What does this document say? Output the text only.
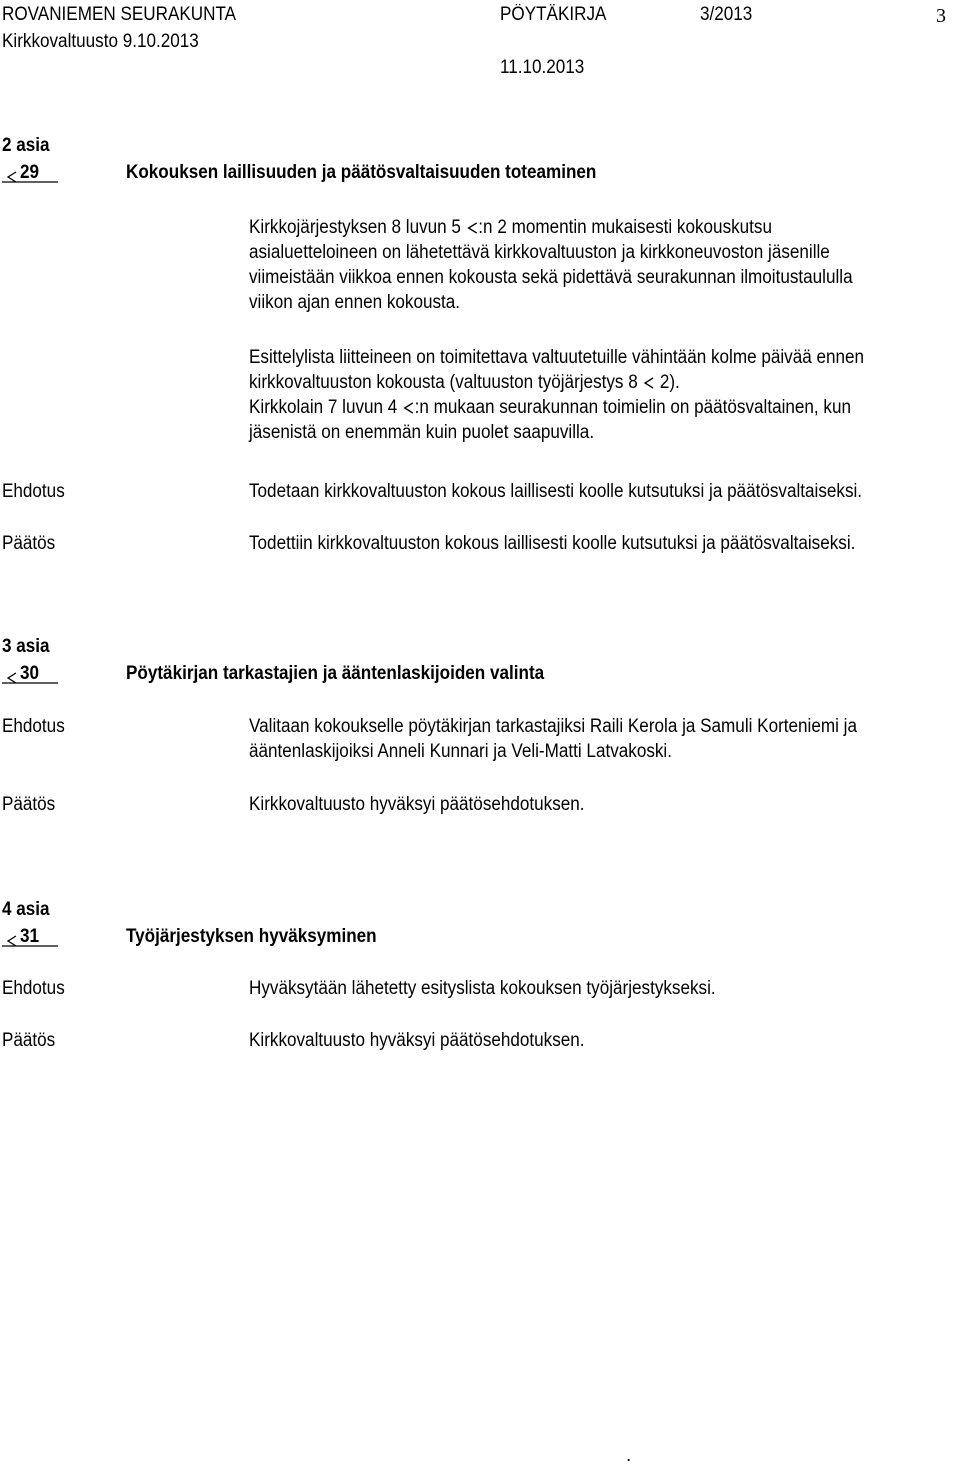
ROVANIEMEN SEURAKUNTA	PÖYTÄKIRJA	3/2013	3
Kirkkovaltuusto 9.10.2013
11.10.2013
2 asia
29	Kokouksen laillisuuden ja päätösvaltaisuuden toteaminen
Kirkkojärjestyksen 8 luvun 5 :n 2 momentin mukaisesti kokouskutsu
asialuetteloineen on lähetettävä kirkkovaltuuston ja kirkkoneuvoston jäsenille
viimeistään viikkoa ennen kokousta sekä pidettävä seurakunnan ilmoitustaululla
viikon ajan ennen kokousta.
Esittelylista liitteineen on toimitettava valtuutetuille vähintään kolme päivää ennen
kirkkovaltuuston kokousta (valtuuston työjärjestys 8 2).
Kirkkolain 7 luvun 4 :n mukaan seurakunnan toimielin on päätösvaltainen, kun
jäsenistä on enemmän kuin puolet saapuvilla.
Ehdotus	Todetaan kirkkovaltuuston kokous laillisesti koolle kutsutuksi ja päätösvaltaiseksi.
Päätös	Todettiin kirkkovaltuuston kokous laillisesti koolle kutsutuksi ja päätösvaltaiseksi.
3 asia
30	Pöytäkirjan tarkastajien ja ääntenlaskijoiden valinta
Ehdotus	Valitaan kokoukselle pöytäkirjan tarkastajiksi Raili Kerola ja Samuli Korteniemi ja
ääntenlaskijoiksi Anneli Kunnari ja Veli-Matti Latvakoski.
Päätös	Kirkkovaltuusto hyväksyi päätösehdotuksen.
4 asia
31	Työjärjestyksen hyväksyminen
Ehdotus	Hyväksytään lähetetty esityslista kokouksen työjärjestykseksi.
Päätös	Kirkkovaltuusto hyväksyi päätösehdotuksen.
.
